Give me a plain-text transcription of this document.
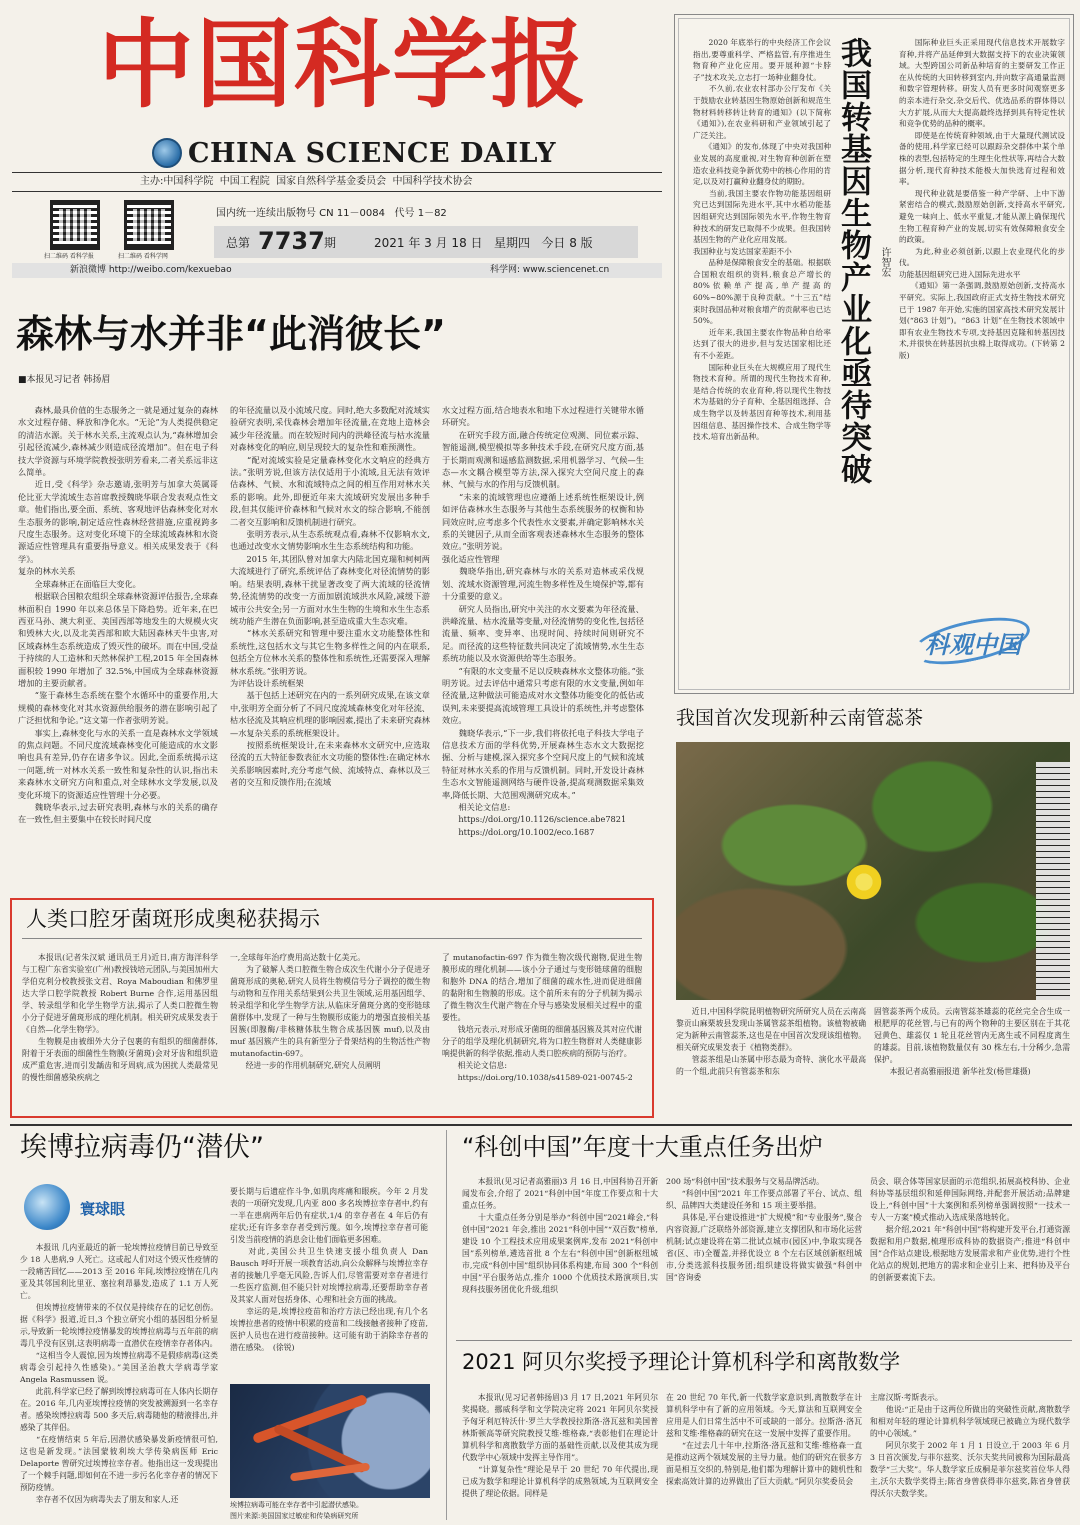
中国科学报
CHINA SCIENCE DAILY
主办:中国科学院  中国工程院  国家自然科学基金委员会  中国科学技术协会
扫二维码 看科学报	扫二维码 看科学网
国内统一连续出版物号 CN 11－0084   代号 1－82
总第 7737 期	2021 年 3 月 18 日   星期四   今日 8 版
新浪微博 http://weibo.com/kexuebao	科学网: www.sciencenet.cn
森林与水并非“此消彼长”
■本报见习记者 韩扬眉
　　森林,最具价值的生态服务之一就是通过复杂的森林水文过程存储、释放和净化水。“无论”为人类提供稳定的清洁水源。关于林水关系,主流观点认为,“森林增加会引起径流减少,森林减少则造成径流增加”。但在电子科技大学资源与环境学院教授张明芳看来,二者关系远非这么简单。
　　近日,受《科学》杂志邀请,张明芳与加拿大英属哥伦比亚大学流域生态首席教授魏晓华联合发表观点性文章。他们指出,要全面、系统、客观地评估森林变化对水生态服务的影响,制定适应性森林经营措施,应重视跨多尺度生态服务。这对变化环境下的全球流域森林和水资源适应性管理具有重要指导意义。相关成果发表于《科学》。
复杂的林水关系
　　全球森林正在面临巨大变化。
　　根据联合国粮农组织全球森林资源评估报告,全球森林面积自 1990 年以来总体呈下降趋势。近年来,在巴西亚马孙、澳大利亚、美国西部等地发生的大规模火灾和毁林大火,以及北美西部和欧大陆因森林天牛虫害,对区域森林生态系统造成了毁灭性的破坏。而在中国,受益于持续的人工造林和天然林保护工程,2015 年全国森林面积较 1990 年增加了 32.5%,中国成为全球森林资源增加的主要贡献者。
　　“鉴于森林生态系统在整个水循环中的重要作用,大规模的森林变化对其水资源供给服务的潜在影响引起了广泛担忧和争论。”这文第一作者张明芳说。
　　事实上,森林变化与水的关系一直是森林水文学领域的焦点问题。不同尺度流域森林变化可能造成的水文影响也具有差异,仍存在诸多争议。因此,全面系统揭示这一问题,统一对林水关系一致性和复杂性的认识,指出未来森林水文研究方向和重点,对全球林水文学发展,以及变化环境下的资源适应性管理十分必要。
　　魏晓华表示,过去研究表明,森林与水的关系的确存在一致性,但主要集中在较长时间尺度
的年径流量以及小流域尺度。同时,绝大多数配对流域实验研究表明,采伐森林会增加年径流量,在竞地上造林会减少年径流量。而在较短时间内的洪峰径流与枯水流量对森林变化的响应,则呈现较大的复杂性和难预测性。
　　“配对流域实验是定量森林变化水文响应的经典方法。”张明芳说,但该方法仅适用于小流域,且无法有效评估森林、气候、水和流域特点之间的相互作用对林水关系的影响。此外,即便近年来大流域研究发展出多种手段,但其仅能评价森林和气候对水文的综合影响,不能剖二者交互影响和反馈机制进行研究。
　　张明芳表示,从生态系统观点看,森林不仅影响水文,也通过改变水文情势影响水生生态系统结构和功能。
　　2015 年,其团队曾对加拿大内陆北国克瑞和柯柯两大流域进行了研究,系统评估了森林变化对径流情势的影响。结果表明,森林干扰显著改变了两大流域的径流情势,径流情势的改变一方面加剧流域洪水风险,减缓下游城市公共安全;另一方面对水生生物的生境和水生生态系统功能产生潜在负面影响,甚至造成重大生态灾难。
　　“林水关系研究和管理中要注重水文功能整体性和系统性,这包括水文与其它生物多样性之间的内在联系,包括全方位林水关系的整体性和系统性,还需要深入理解林水系统。”张明芳说。
为评估设计系统框架
　　基于包括上述研究在内的一系列研究成果,在该文章中,张明芳全面分析了不同尺度流域森林变化对年径流、枯水径流及其响应机理的影响因素,提出了未来研究森林—水复杂关系的系统框架设计。
　　按照系统框架设计,在未来森林水文研究中,应选取径流的五大特征参数表征水文功能的整体性:在确定林水关系影响因素时,充分考虑气候、流域特点、森林以及三者的交互和反馈作用;在流域
水文过程方面,结合地表水和地下水过程进行关键带水循环研究。
　　在研究手段方面,融合传统定位观测、同位素示踪、智能遥测,模型模拟等多种技术手段,在研究尺度方面,基于长期而观测和遥感监测数据,采用机器学习、气候—生态—水文耦合模型等方法,深入探究大空间尺度上的森林、气候与水的作用与反馈机制。
　　“未来的流域管理也应遵循上述系统性框架设计,例如评估森林水生态服务与其他生态系统服务的权衡和协同效应时,应考虑多个代表性水文要素,并确定影响林水关系的关键因子,从而全面客观表述森林水生态服务的整体效应。”张明芳说。
强化适应性管理
　　魏晓华指出,研究森林与水的关系对造林或采伐规划、流域水资源管理,河流生物多样性及生境保护等,都有十分重要的意义。
　　研究人员指出,研究中关注的水文要素为年径流量、洪峰流量、枯水流量等变量,对径流情势的变化性,包括径流量、频率、变异率、出现时间、持续时间则研究不足。而径流的这些特征数共同决定了流域情势,水生生态系统功能以及水资源供给等生态服务。
　　“有限的水文变量不足以反映森林水文整体功能。”张明芳说。过去评估中通常只考虑有限的水文变量,例如年径流量,这种做法可能造成对水文整体功能变化的低估或误判,未来要提高流域管理工具设计的系统性,并考虑整体效应。
　　魏晓华表示,“下一步,我们将依托电子科技大学电子信息技术方面的学科优势,开展森林生态水文大数据挖掘、分析与建模,深入探究多个空间尺度上的气候和流域特征对林水关系的作用与反馈机制。同时,开发设计森林生态水文智能遥测网络与硬件设备,提高观测数据采集效率,降低长期、大范围观测研究成本。”
　　相关论文信息:
　　https://doi.org/10.1126/science.abe7821
　　https://doi.org/10.1002/eco.1687
我国转基因生物产业化亟待突破 许智宏
　　2020 年底举行的中央经济工作会议指出,要尊重科学、严格监管,有序推进生物育种产业化应用。要开展种源“卡脖子”技术攻关,立志打一场种业翻身仗。
　　不久前,农业农村部办公厅发布《关于鼓励农业转基因生物原始创新和规范生物材料转移转让转育的通知》(以下简称《通知》),在农业科研和产业领域引起了广泛关注。
　　《通知》的发布,体现了中央对我国种业发展的高度重视,对生物育种创新在塑造农业科技竞争新优势中的核心作用的肯定,以及对打赢种业翻身仗的期盼。
　　当前,我国主要农作物功能基因组研究已达到国际先进水平,其中水稻功能基因组研究达到国际领先水平,作物生物育种技术的研发已取得不少成果。但我国转基因生物的产业化应用发展。
我国种业与发达国家差距不小
　　品种是保障粮食安全的基础。根据联合国粮农组织的资料,粮食总产增长的 80%依赖单产提高,单产提高的 60%~80%源于良种贡献。“十三五”结束时我国品种对粮食增产的贡献率也已达 50%。
　　近年来,我国主要农作物品种自给率达到了很大的进步,但与发达国家相比还有不小差距。
　　国际种业巨头在大规模应用了现代生物技术育种。所谓的现代生物技术育种,是结合传统的农业育种,将以现代生物技术为基础的分子育种、全基因组选择、合成生物学以及转基因育种等技术,利用基因组信息、基因操作技术、合成生物学等技术,培育出新品种。
　　国际种业巨头正采用现代信息技术开展数字育种,并将产品延伸到大数据支持下的农业决策领域。大型跨国公司新品种培育的主要研发工作正在从传统的大田转移到室内,并向数字高通量监测和数字管理转移。研发人员有更多时间观察更多的亲本进行杂交,杂交后代、优选品系的群体得以大方扩展,从而大大提高最终选择到具有特定性状和竞争优势的品种的概率。
　　即使是在传统育种领域,由于大量现代测试设备的使用,科学家已经可以跟踪杂交群体中某个单株的表型,包括特定的生理生化性状等,再结合大数据分析,现代育种技术能极大加快选育过程和效率。
　　现代种业就是要借鉴一种产学研、上中下游紧密结合的模式,鼓励原始创新,支持高水平研究,避免一味向上、低水平重复,才能从源上确保现代生物工程育种产业的发展,切实有效保障粮食安全的政策。
　　为此,种业必须创新,以跟上农业现代化的步伐。
功能基因组研究已进入国际先进水平
　　《通知》第一条强调,鼓励原始创新,支持高水平研究。实际上,我国政府正式支持生物技术研究已于 1987 年开始,实施的国家高技术研究发展计划(“863 计划”)。“863 计划”在生物技术领域中即有农业生物技术专项,支持基因克隆和转基因技术,并很快在转基因抗虫棉上取得成功。(下转第 2 版)
科观中国
我国首次发现新种云南管蕊茶
　　近日,中国科学院昆明植物研究所研究人员在云南高黎贡山麻栗坡县发现山茶属管蕊茶组植物。该植物被确定为新种云南管蕊茶,这也是在中国首次发现该组植物。相关研究成果发表于《植物类群》。
　　管蕊茶组是山茶属中形态最为奇特、演化水平最高的一个组,此前只有管蕊茶和东
固管蕊茶两个成员。云南管蕊茶雄蕊的花丝完全合生成一根肥厚的花丝管,与已有的两个物种的主要区别在于其花冠黄色、雄蕊仅 1 轮且花丝管内无离生或不同程度离生的雄蕊。目前,该植物数量仅有 30 株左右,十分稀少,急需保护。
　　本报记者高雅丽报道 新华社发(杨世雄摄)
人类口腔牙菌斑形成奥秘获揭示
　　本报讯(记者朱汉斌 通讯员王月)近日,南方海洋科学与工程广东省实验室(广州)教授钱培元团队,与美国加州大学伯克利分校教授张文君、Roya Maboudian 和佛罗里达大学口腔学院教授 Robert Burne 合作,运用基因组学、转录组学和化学生物学方法,揭示了人类口腔微生物小分子促进牙菌斑形成的理化机制。相关研究成果发表于《自然—化学生物学》。
　　生物膜是由被细外大分子包裹的有组织的细菌群体,附着于牙表面的细菌性生物膜(牙菌斑)会对牙齿和组织造成严重危害,进而引发龋齿和牙周病,成为困扰人类最常见的慢性细菌感染疾病之
一,全球每年治疗费用高达数十亿美元。
　　为了破解人类口腔微生物合成次生代谢小分子促进牙菌斑形成的奥秘,研究人员将生物模信号分子调控的微生物与动物和互作用关系结果到公共卫生领域,运用基因组学、转录组学和化学生物学方法,从临床牙菌斑分离的变形链球菌群体中,发现了一种与生物膜形成能力的增强直接相关基因簇(即腺酶/非核糖体肽生物合成基因簇 muf),以及由 muf 基因簇产生的具有新型分子骨架结构的生物活性产物 mutanofactin-697。
　　经进一步的作用机制研究,研究人员阐明
了 mutanofactin-697 作为微生物次级代谢物,促进生物膜形成的理化机制——该小分子通过与变形链球菌的细胞和胞外 DNA 的结合,增加了细菌的疏水性,进而促进细菌的黏附和生物膜的形成。这个前所未有的分子机制为揭示了微生物次生代谢产物在介导与感染发展相关过程中的重要性。
　　钱培元表示,对形成牙菌斑的细菌基因簇及其对应代谢分子的组学及理化机制研究,将为口腔生物群对人类健康影响提供新的科学依据,推动人类口腔疾病的预防与治疗。
　　相关论文信息:
　　https://doi.org/10.1038/s41589-021-00745-2
埃博拉病毒仍“潜伏”
寰球眼
　　本报讯 几内亚最近的新一轮埃博拉疫情目前已导致至少 18 人患病,9 人死亡。这或起人们对这个毁灭性疫情的一段痛苦回忆——2013 至 2016 年间,埃博拉疫情在几内亚及其邻国利比里亚、塞拉利昂暴发,造成了 1.1 万人死亡。
　　但埃博拉疫情带来的不仅仅是持续存在的记忆创伤。据《科学》报道,近日,3 个独立研究小组的基因组分析显示,导致新一轮埃博拉疫情暴发的埃博拉病毒与五年前的病毒几乎没有区别,这表明病毒一直潜伏在疫情幸存者体内。
　　“这相当令人震惊,因为埃博拉病毒不是假疹病毒(这类病毒会引起持久性感染)。”美国圣治教大学病毒学家 Angela Rasmussen 说。
　　此前,科学家已经了解到埃博拉病毒可在人体内长期存在。2016 年,几内亚埃博拉疫情的突发被溯源到一名幸存者。感染埃博拉病毒 500 多天后,病毒随他的精液排出,并感染了其伴侣。
　　“在疫情结束 5 年后,因潜伏感染暴发新疫情很可怕,这也是新发现。”法国蒙彼利埃大学传染病医师 Eric Delaporte 曾研究过埃博拉幸存者。他指出这一发现提出了一个棘手问题,即如何在不进一步污名化幸存者的情况下预防疫情。
　　幸存者不仅因为病毒失去了朋友和家人,还
要长期与后遗症作斗争,如肌肉疼痛和眼疾。今年 2 月发表的一项研究发现,几内亚 800 多名埃博拉幸存者中,约有一半在患病两年后仍有症状,1/4 的幸存者在 4 年后仍有症状;还有许多幸存者受到污蔑。如今,埃博拉幸存者可能引发当前疫情的消息会让他们面临更多困难。
　　对此,美国公共卫生快速支援小组负责人 Dan Bausch 呼吁开展一项教育活动,向公众解释与埃博拉幸存者的接触几乎毫无风险,告诉人们,尽管需要对幸存者进行一些医疗监测,但不能只针对埃博拉病毒,还要帮助幸存者及其家人面对包括身体、心理和社会方面的挑战。
　　幸运的是,埃博拉疫苗和治疗方法已经出现,有几个名埃博拉患者的疫情中积累的疫苗和二线接触者接种了疫苗,医护人员也在进行疫苗接种。这可能有助于消除幸存者的潜在感染。　(徐锐)
埃博拉病毒可能在幸存者中引起潜伏感染。
图片来源:美国国家过敏症和传染病研究所
“科创中国”年度十大重点任务出炉
　　本报讯(见习记者高雅丽)3 月 16 日,中国科协召开新闻发布会,介绍了 2021“科创中国”年度工作要点和十大重点任务。
　　十大重点任务分别是举办“科创中国”2021峰会,“科创中国”2021 年会,推出 2021“科创中国”“双百数”榜单,建设 10 个工程技术应用成果案例库,发布 2021“科创中国”系列榜单,遴选首批 8 个左右“科创中国”创新枢纽城市,完成“科创中国”组织协同体系构建,布局 300 个“科创中国”平台服务站点,推介 1000 个优质技术路演项目,实现科技服务团优化升级,组织
200 场“科创中国”技术服务与交易品牌活动。
　　“科创中国”2021 年工作要点部署了平台、试点、组织、品牌四大类建设任务和 15 项主要举措。
　　具体是,平台建设推进“扩大规模”和“专业服务”,聚合内容资源,广泛联络外部资源,建立支撑团队和市场化运营机制;试点建设将在第二批试点城市(园区)中,争取实现各省(区、市)全覆盖,并择优设立 8 个左右区域创新枢纽城市,分类选派科技服务团;组织建设将做实做强“科创中国”咨询委
员会、联合体等国家层面的示范组织,拓展高校科协、企业科协等基层组织和延伸国际网络,并配套开展活动;品牌建设上,“科创中国”十大案例和系列榜单强调按照“一技术一专人一方案”模式推动入选成果落地转化。
　　据介绍,2021 年“科创中国”将构建开发平台,打通资源数据和用户数据,梳理形成科协的数据资产;推进“科创中国”合作站点建设,根据地方发展需求和产业优势,进行个性化站点的规划,把地方的需求和企业引上来、把科协及平台的创新要素流下去。
2021 阿贝尔奖授予理论计算机科学和离散数学
　　本报讯(见习记者韩扬眉)3 月 17 日,2021 年阿贝尔奖揭晓。挪威科学和文学院决定将 2021 年阿贝尔奖授予匈牙利厄特沃什·罗兰大学教授拉斯洛·洛瓦兹和美国普林斯顿高等研究院教授艾维·维格森,“表彰他们在理论计算机科学和离散数学方面的基础性贡献,以及使其成为现代数学中心领域中发挥主导作用”。
　　“计算复杂性”理论是早于 20 世纪 70 年代提出,现已成为数学和理论计算机科学的成熟领域,为互联网安全提供了理论依据。同样是
在 20 世纪 70 年代,新一代数学家意识到,离散数学在计算机科学中有了新的应用领域。今天,算法和互联网安全应用是人们日常生活中不可或缺的一部分。拉斯洛·洛瓦兹和艾维·维格森的研究在这一发展中发挥了重要作用。
　　“在过去几十年中,拉斯洛·洛瓦兹和艾维·维格森一直是推动这两个领域发展的主导力量。他们的研究在很多方面是相互交织的,特别是,他们都为理解计算中的随机性和探索高效计算的边界做出了巨大贡献。”阿贝尔奖委员会
主席汉斯·考斯表示。
　　他说:“正是由于这两位所做出的突破性贡献,离散数学和相对年轻的理论计算机科学领域现已被确立为现代数学的中心领域。”
　　阿贝尔奖于 2002 年 1 月 1 日设立,于 2003 年 6 月 3 日首次颁发,与菲尔兹奖、沃尔夫奖共同被称为国际最高数学“三大奖”。华人数学家丘成桐是菲尔兹奖首位华人得主,沃尔夫数学奖得主;陈省身曾获得菲尔兹奖,陈省身曾获得沃尔夫数学奖。
